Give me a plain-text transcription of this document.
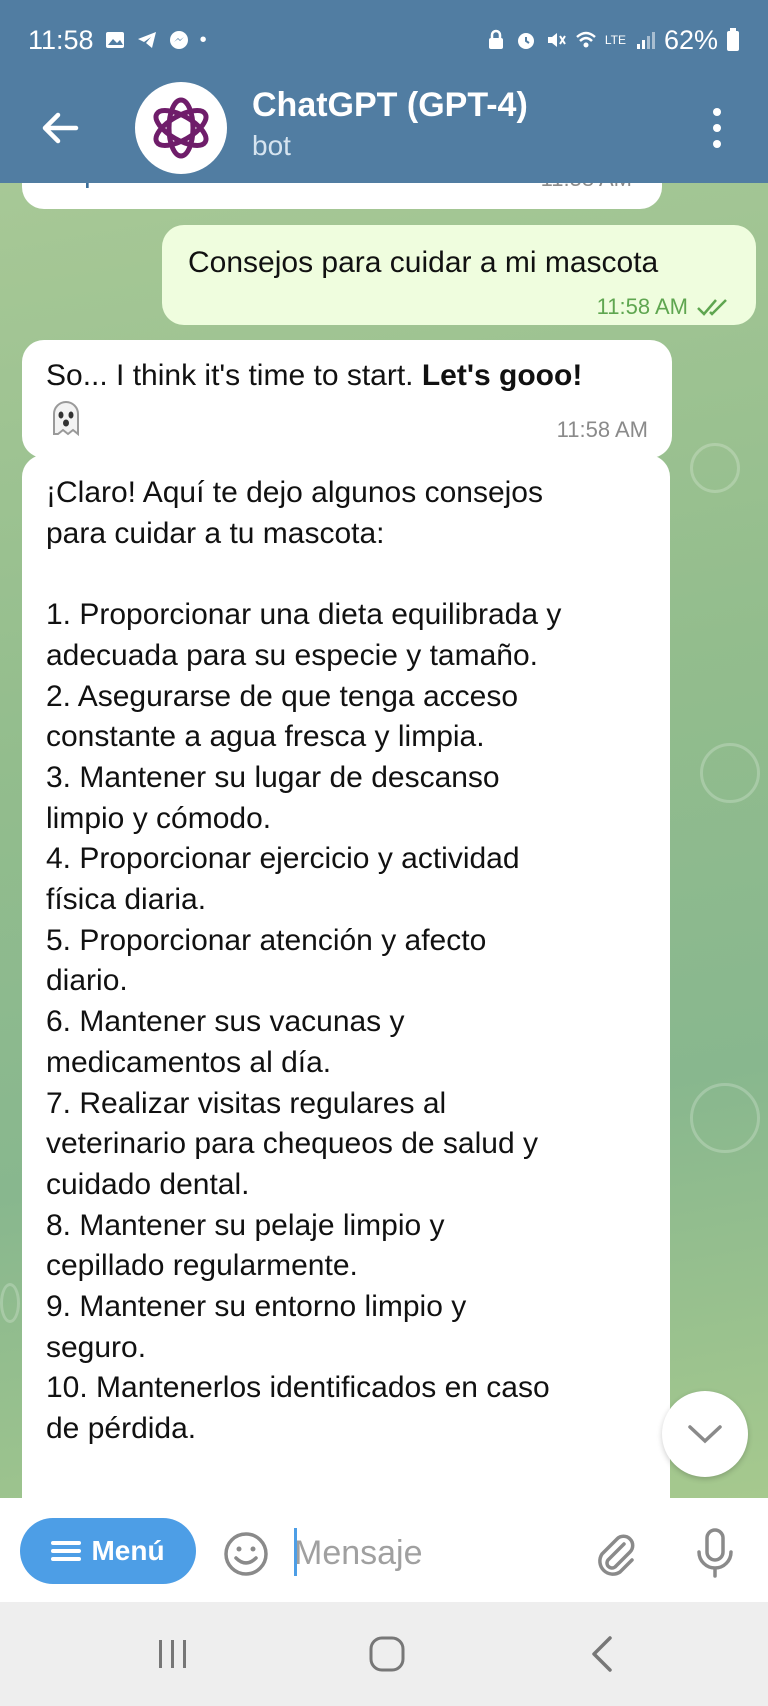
11:58	•	LTE 62%
ChatGPT (GPT-4)
bot
Consejos para cuidar a mi mascota
11:58 AM
So... I think it's time to start. Let's gooo!
11:58 AM
¡Claro! Aquí te dejo algunos consejos
para cuidar a tu mascota:

1. Proporcionar una dieta equilibrada y
adecuada para su especie y tamaño.
2. Asegurarse de que tenga acceso
constante a agua fresca y limpia.
3. Mantener su lugar de descanso
limpio y cómodo.
4. Proporcionar ejercicio y actividad
física diaria.
5. Proporcionar atención y afecto
diario.
6. Mantener sus vacunas y
medicamentos al día.
7. Realizar visitas regulares al
veterinario para chequeos de salud y
cuidado dental.
8. Mantener su pelaje limpio y
cepillado regularmente.
9. Mantener su entorno limpio y
seguro.
10. Mantenerlos identificados en caso
de pérdida.
Menú
Mensaje
